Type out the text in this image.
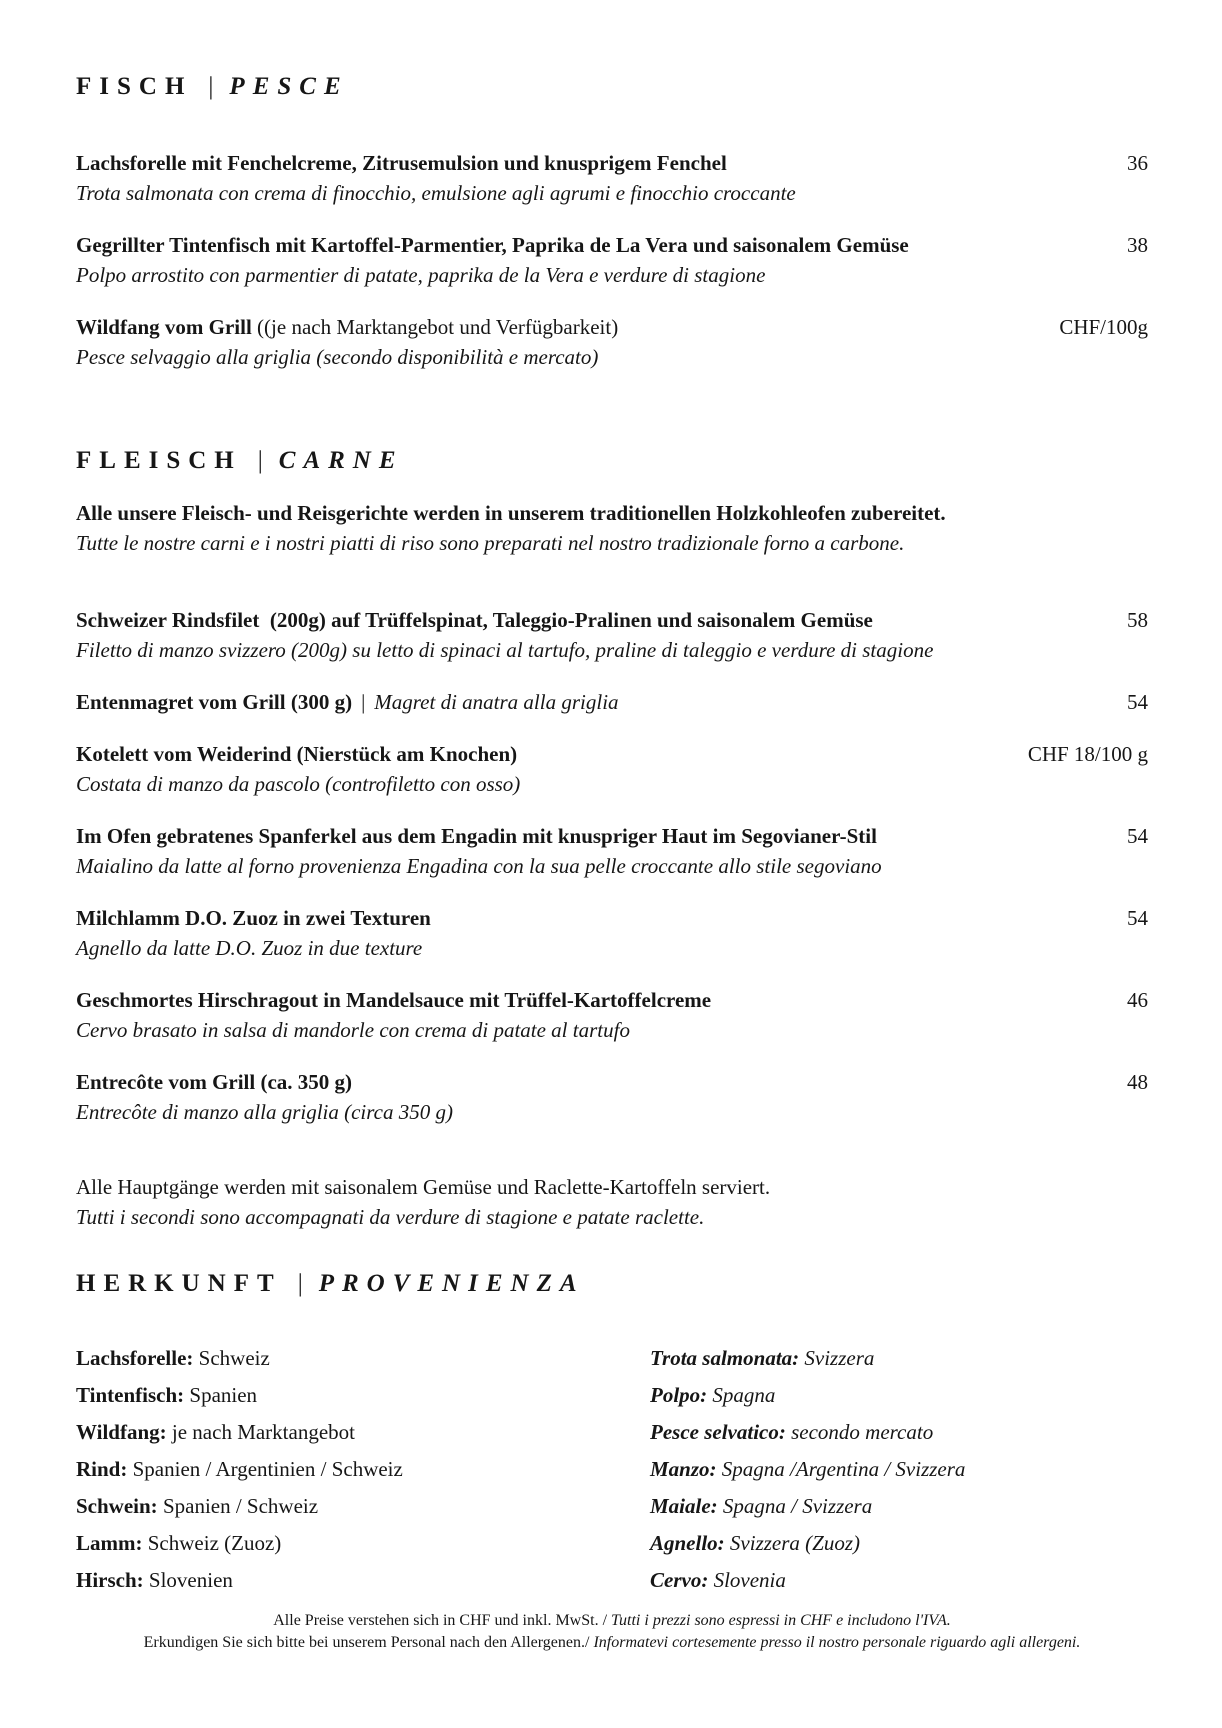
FISCH | PESCE
Lachsforelle mit Fenchelcreme, Zitrusemulsion und knusprigem Fenchel	36
Trota salmonata con crema di finocchio, emulsione agli agrumi e finocchio croccante
Gegrillter Tintenfisch mit Kartoffel-Parmentier, Paprika de La Vera und saisonalem Gemüse	38
Polpo arrostito con parmentier di patate, paprika de la Vera e verdure di stagione
Wildfang vom Grill ((je nach Marktangebot und Verfügbarkeit)	CHF/100g
Pesce selvaggio alla griglia (secondo disponibilità e mercato)
FLEISCH | CARNE
Alle unsere Fleisch- und Reisgerichte werden in unserem traditionellen Holzkohleofen zubereitet.
Tutte le nostre carni e i nostri piatti di riso sono preparati nel nostro tradizionale forno a carbone.
Schweizer Rindsfilet  (200g) auf Trüffelspinat, Taleggio-Pralinen und saisonalem Gemüse	58
Filetto di manzo svizzero (200g) su letto di spinaci al tartufo, praline di taleggio e verdure di stagione
Entenmagret vom Grill (300 g) | Magret di anatra alla griglia	54
Kotelett vom Weiderind (Nierstück am Knochen)	CHF 18/100 g
Costata di manzo da pascolo (controfiletto con osso)
Im Ofen gebratenes Spanferkel aus dem Engadin mit knuspriger Haut im Segovianer-Stil	54
Maialino da latte al forno provenienza Engadina con la sua pelle croccante allo stile segoviano
Milchlamm D.O. Zuoz in zwei Texturen	54
Agnello da latte D.O. Zuoz in due texture
Geschmortes Hirschragout in Mandelsauce mit Trüffel-Kartoffelcreme	46
Cervo brasato in salsa di mandorle con crema di patate al tartufo
Entrecôte vom Grill (ca. 350 g)	48
Entrecôte di manzo alla griglia (circa 350 g)
Alle Hauptgänge werden mit saisonalem Gemüse und Raclette-Kartoffeln serviert.
Tutti i secondi sono accompagnati da verdure di stagione e patate raclette.
HERKUNFT | PROVENIENZA
Lachsforelle: Schweiz	Trota salmonata: Svizzera
Tintenfisch: Spanien	Polpo: Spagna
Wildfang: je nach Marktangebot	Pesce selvatico: secondo mercato
Rind: Spanien / Argentinien / Schweiz	Manzo: Spagna /Argentina / Svizzera
Schwein: Spanien / Schweiz	Maiale: Spagna / Svizzera
Lamm: Schweiz (Zuoz)	Agnello: Svizzera (Zuoz)
Hirsch: Slovenien	Cervo: Slovenia
Alle Preise verstehen sich in CHF und inkl. MwSt. / Tutti i prezzi sono espressi in CHF e includono l'IVA.
Erkundigen Sie sich bitte bei unserem Personal nach den Allergenen./ Informatevi cortesemente presso il nostro personale riguardo agli allergeni.
